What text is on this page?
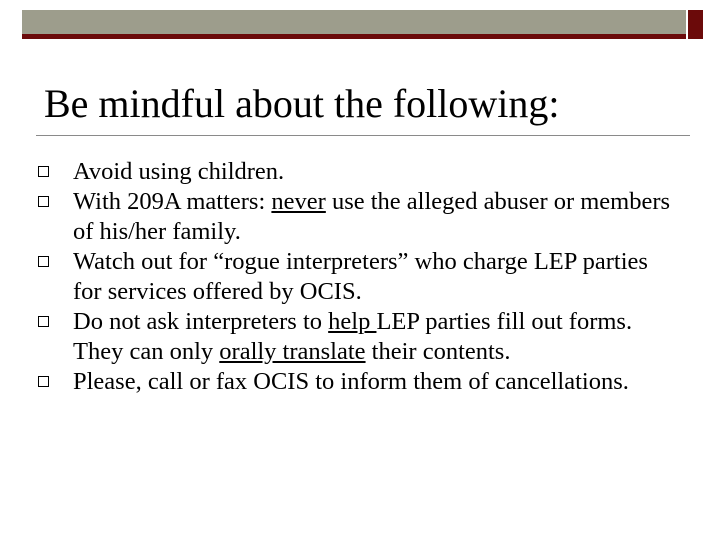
Be mindful about the following:
Avoid using children.
With 209A matters: never use the alleged abuser or members of his/her family.
Watch out for “rogue interpreters” who charge LEP parties for services offered by OCIS.
Do not ask interpreters to help LEP parties fill out forms. They can only orally translate their contents.
Please, call or fax OCIS to inform them of cancellations.
